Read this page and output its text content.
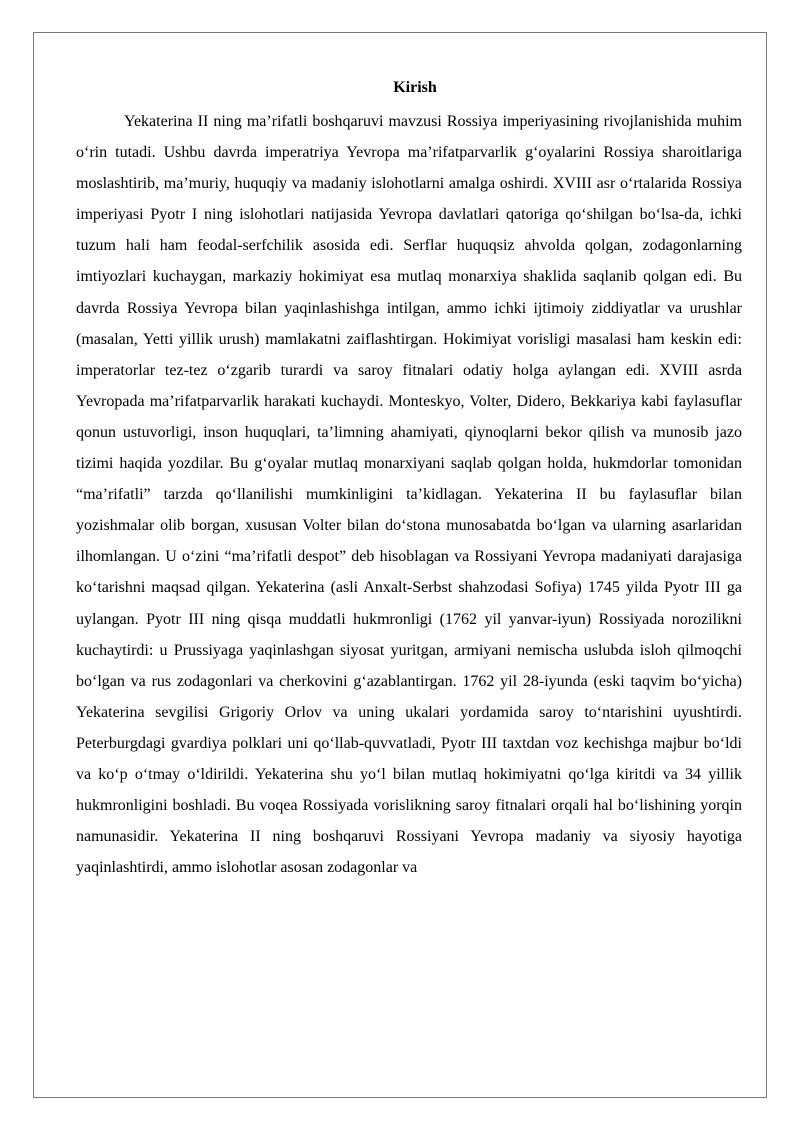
Kirish

Yekaterina II ning ma’rifatli boshqaruvi mavzusi Rossiya imperiyasining rivojlanishida muhim o‘rin tutadi. Ushbu davrda imperatriya Yevropa ma’rifatparvarlik g‘oyalarini Rossiya sharoitlariga moslashtirib, ma’muriy, huquqiy va madaniy islohotlarni amalga oshirdi. XVIII asr o‘rtalarida Rossiya imperiyasi Pyotr I ning islohotlari natijasida Yevropa davlatlari qatoriga qo‘shilgan bo‘lsa-da, ichki tuzum hali ham feodal-serfchilik asosida edi. Serflar huquqsiz ahvolda qolgan, zodagonlarning imtiyozlari kuchaygan, markaziy hokimiyat esa mutlaq monarxiya shaklida saqlanib qolgan edi. Bu davrda Rossiya Yevropa bilan yaqinlashishga intilgan, ammo ichki ijtimoiy ziddiyatlar va urushlar (masalan, Yetti yillik urush) mamlakatni zaiflashtirgan. Hokimiyat vorisligi masalasi ham keskin edi: imperatorlar tez-tez o‘zgarib turardi va saroy fitnalari odatiy holga aylangan edi. XVIII asrda Yevropada ma’rifatparvarlik harakati kuchaydi. Monteskyo, Volter, Didero, Bekkariya kabi faylasuflar qonun ustuvorligi, inson huquqlari, ta’limning ahamiyati, qiynoqlarni bekor qilish va munosib jazo tizimi haqida yozdilar. Bu g‘oyalar mutlaq monarxiyani saqlab qolgan holda, hukmdorlar tomonidan “ma’rifatli” tarzda qo‘llanilishi mumkinligini ta’kidlagan. Yekaterina II bu faylasuflar bilan yozishmalar olib borgan, xususan Volter bilan do‘stona munosabatda bo‘lgan va ularning asarlaridan ilhomlangan. U o‘zini “ma’rifatli despot” deb hisoblagan va Rossiyani Yevropa madaniyati darajasiga ko‘tarishni maqsad qilgan. Yekaterina (asli Anxalt-Serbst shahzodasi Sofiya) 1745 yilda Pyotr III ga uylangan. Pyotr III ning qisqa muddatli hukmronligi (1762 yil yanvar-iyun) Rossiyada norozilikni kuchaytirdi: u Prussiyaga yaqinlashgan siyosat yuritgan, armiyani nemischa uslubda isloh qilmoqchi bo‘lgan va rus zodagonlari va cherkovini g‘azablantirgan. 1762 yil 28-iyunda (eski taqvim bo‘yicha) Yekaterina sevgilisi Grigoriy Orlov va uning ukalari yordamida saroy to‘ntarishini uyushtirdi. Peterburgdagi gvardiya polklari uni qo‘llab-quvvatladi, Pyotr III taxtdan voz kechishga majbur bo‘ldi va ko‘p o‘tmay o‘ldirildi. Yekaterina shu yo‘l bilan mutlaq hokimiyatni qo‘lga kiritdi va 34 yillik hukmronligini boshladi. Bu voqea Rossiyada vorislikning saroy fitnalari orqali hal bo‘lishining yorqin namunasidir. Yekaterina II ning boshqaruvi Rossiyani Yevropa madaniy va siyosiy hayotiga yaqinlashtirdi, ammo islohotlar asosan zodagonlar va
